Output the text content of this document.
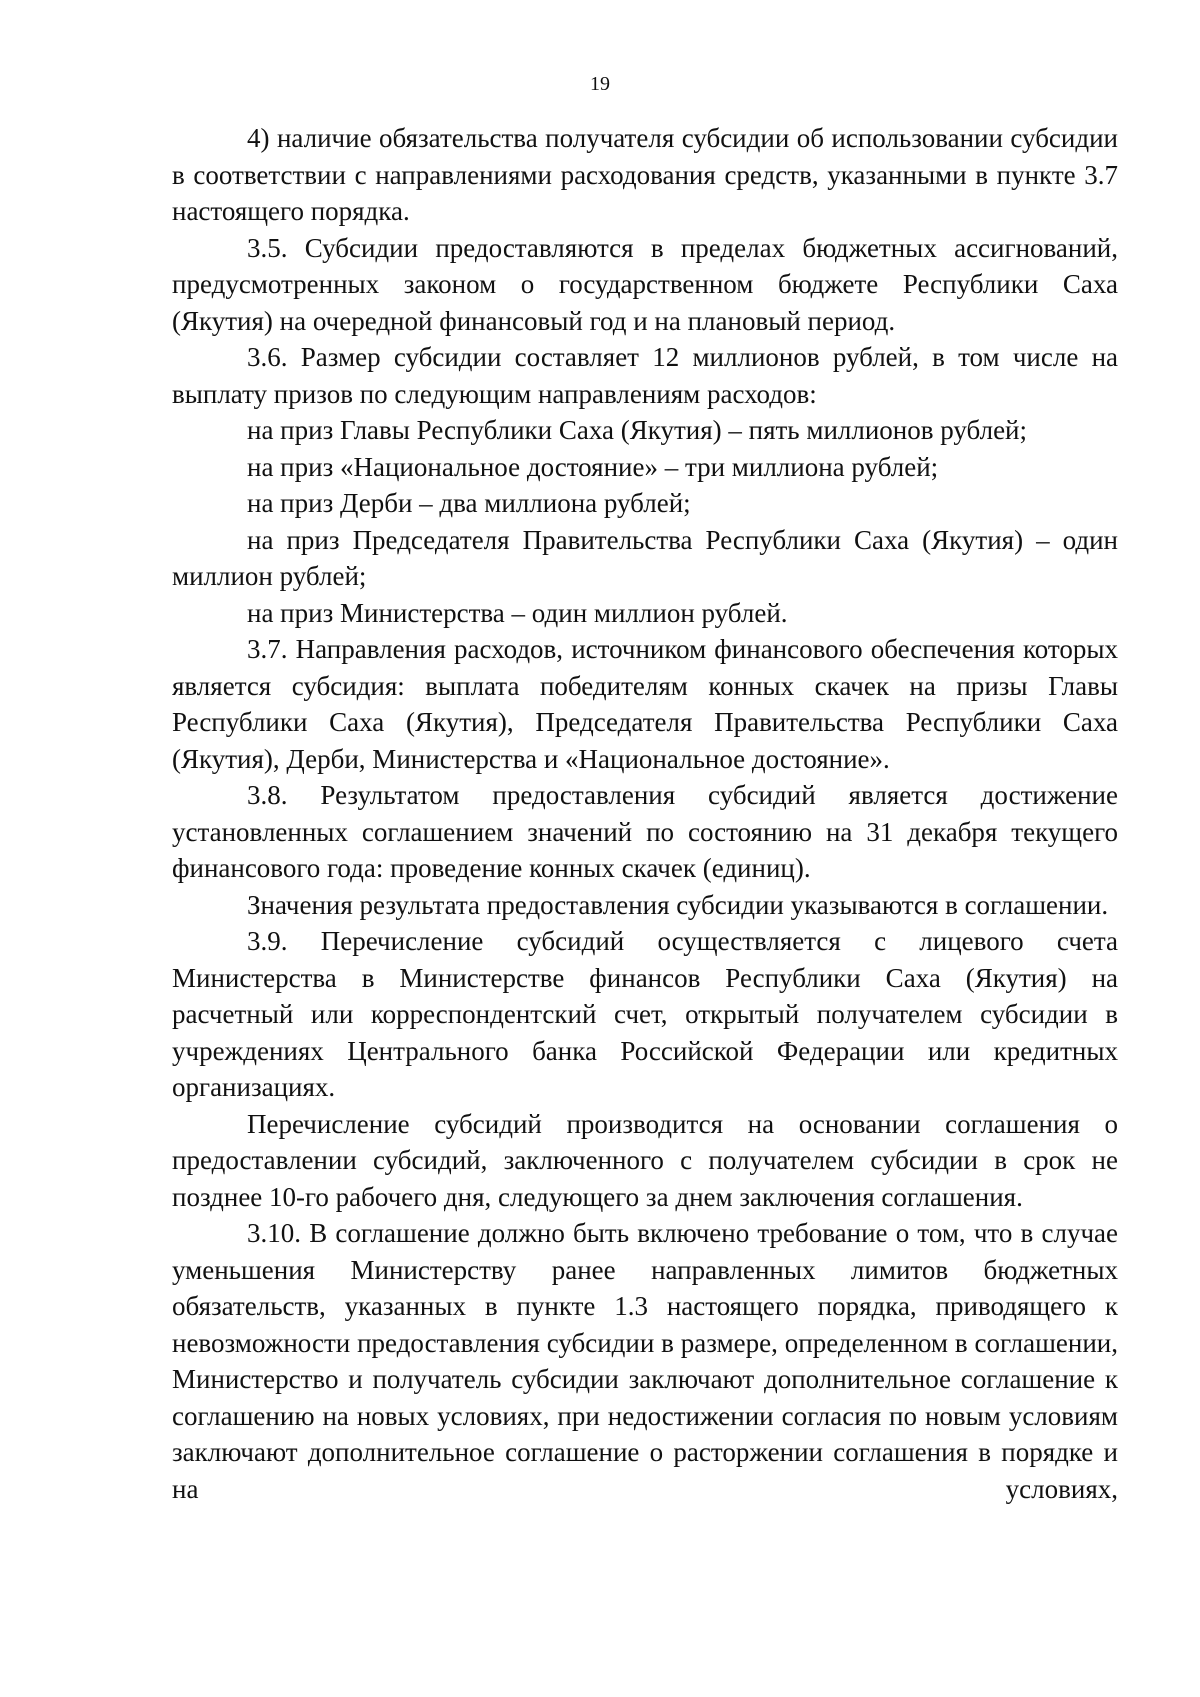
19

4) наличие обязательства получателя субсидии об использовании субсидии в соответствии с направлениями расходования средств, указанными в пункте 3.7 настоящего порядка.

3.5. Субсидии предоставляются в пределах бюджетных ассигнований, предусмотренных законом о государственном бюджете Республики Саха (Якутия) на очередной финансовый год и на плановый период.

3.6. Размер субсидии составляет 12 миллионов рублей, в том числе на выплату призов по следующим направлениям расходов:

на приз Главы Республики Саха (Якутия) – пять миллионов рублей;

на приз «Национальное достояние» – три миллиона рублей;

на приз Дерби – два миллиона рублей;

на приз Председателя Правительства Республики Саха (Якутия) – один миллион рублей;

на приз Министерства – один миллион рублей.

3.7. Направления расходов, источником финансового обеспечения которых является субсидия: выплата победителям конных скачек на призы Главы Республики Саха (Якутия), Председателя Правительства Республики Саха (Якутия), Дерби, Министерства и «Национальное достояние».

3.8. Результатом предоставления субсидий является достижение установленных соглашением значений по состоянию на 31 декабря текущего финансового года: проведение конных скачек (единиц).

Значения результата предоставления субсидии указываются в соглашении.

3.9. Перечисление субсидий осуществляется с лицевого счета Министерства в Министерстве финансов Республики Саха (Якутия) на расчетный или корреспондентский счет, открытый получателем субсидии в учреждениях Центрального банка Российской Федерации или кредитных организациях.

Перечисление субсидий производится на основании соглашения о предоставлении субсидий, заключенного с получателем субсидии в срок не позднее 10-го рабочего дня, следующего за днем заключения соглашения.

3.10. В соглашение должно быть включено требование о том, что в случае уменьшения Министерству ранее направленных лимитов бюджетных обязательств, указанных в пункте 1.3 настоящего порядка, приводящего к невозможности предоставления субсидии в размере, определенном в соглашении, Министерство и получатель субсидии заключают дополнительное соглашение к соглашению на новых условиях, при недостижении согласия по новым условиям заключают дополнительное соглашение о расторжении соглашения в порядке и на условиях,
